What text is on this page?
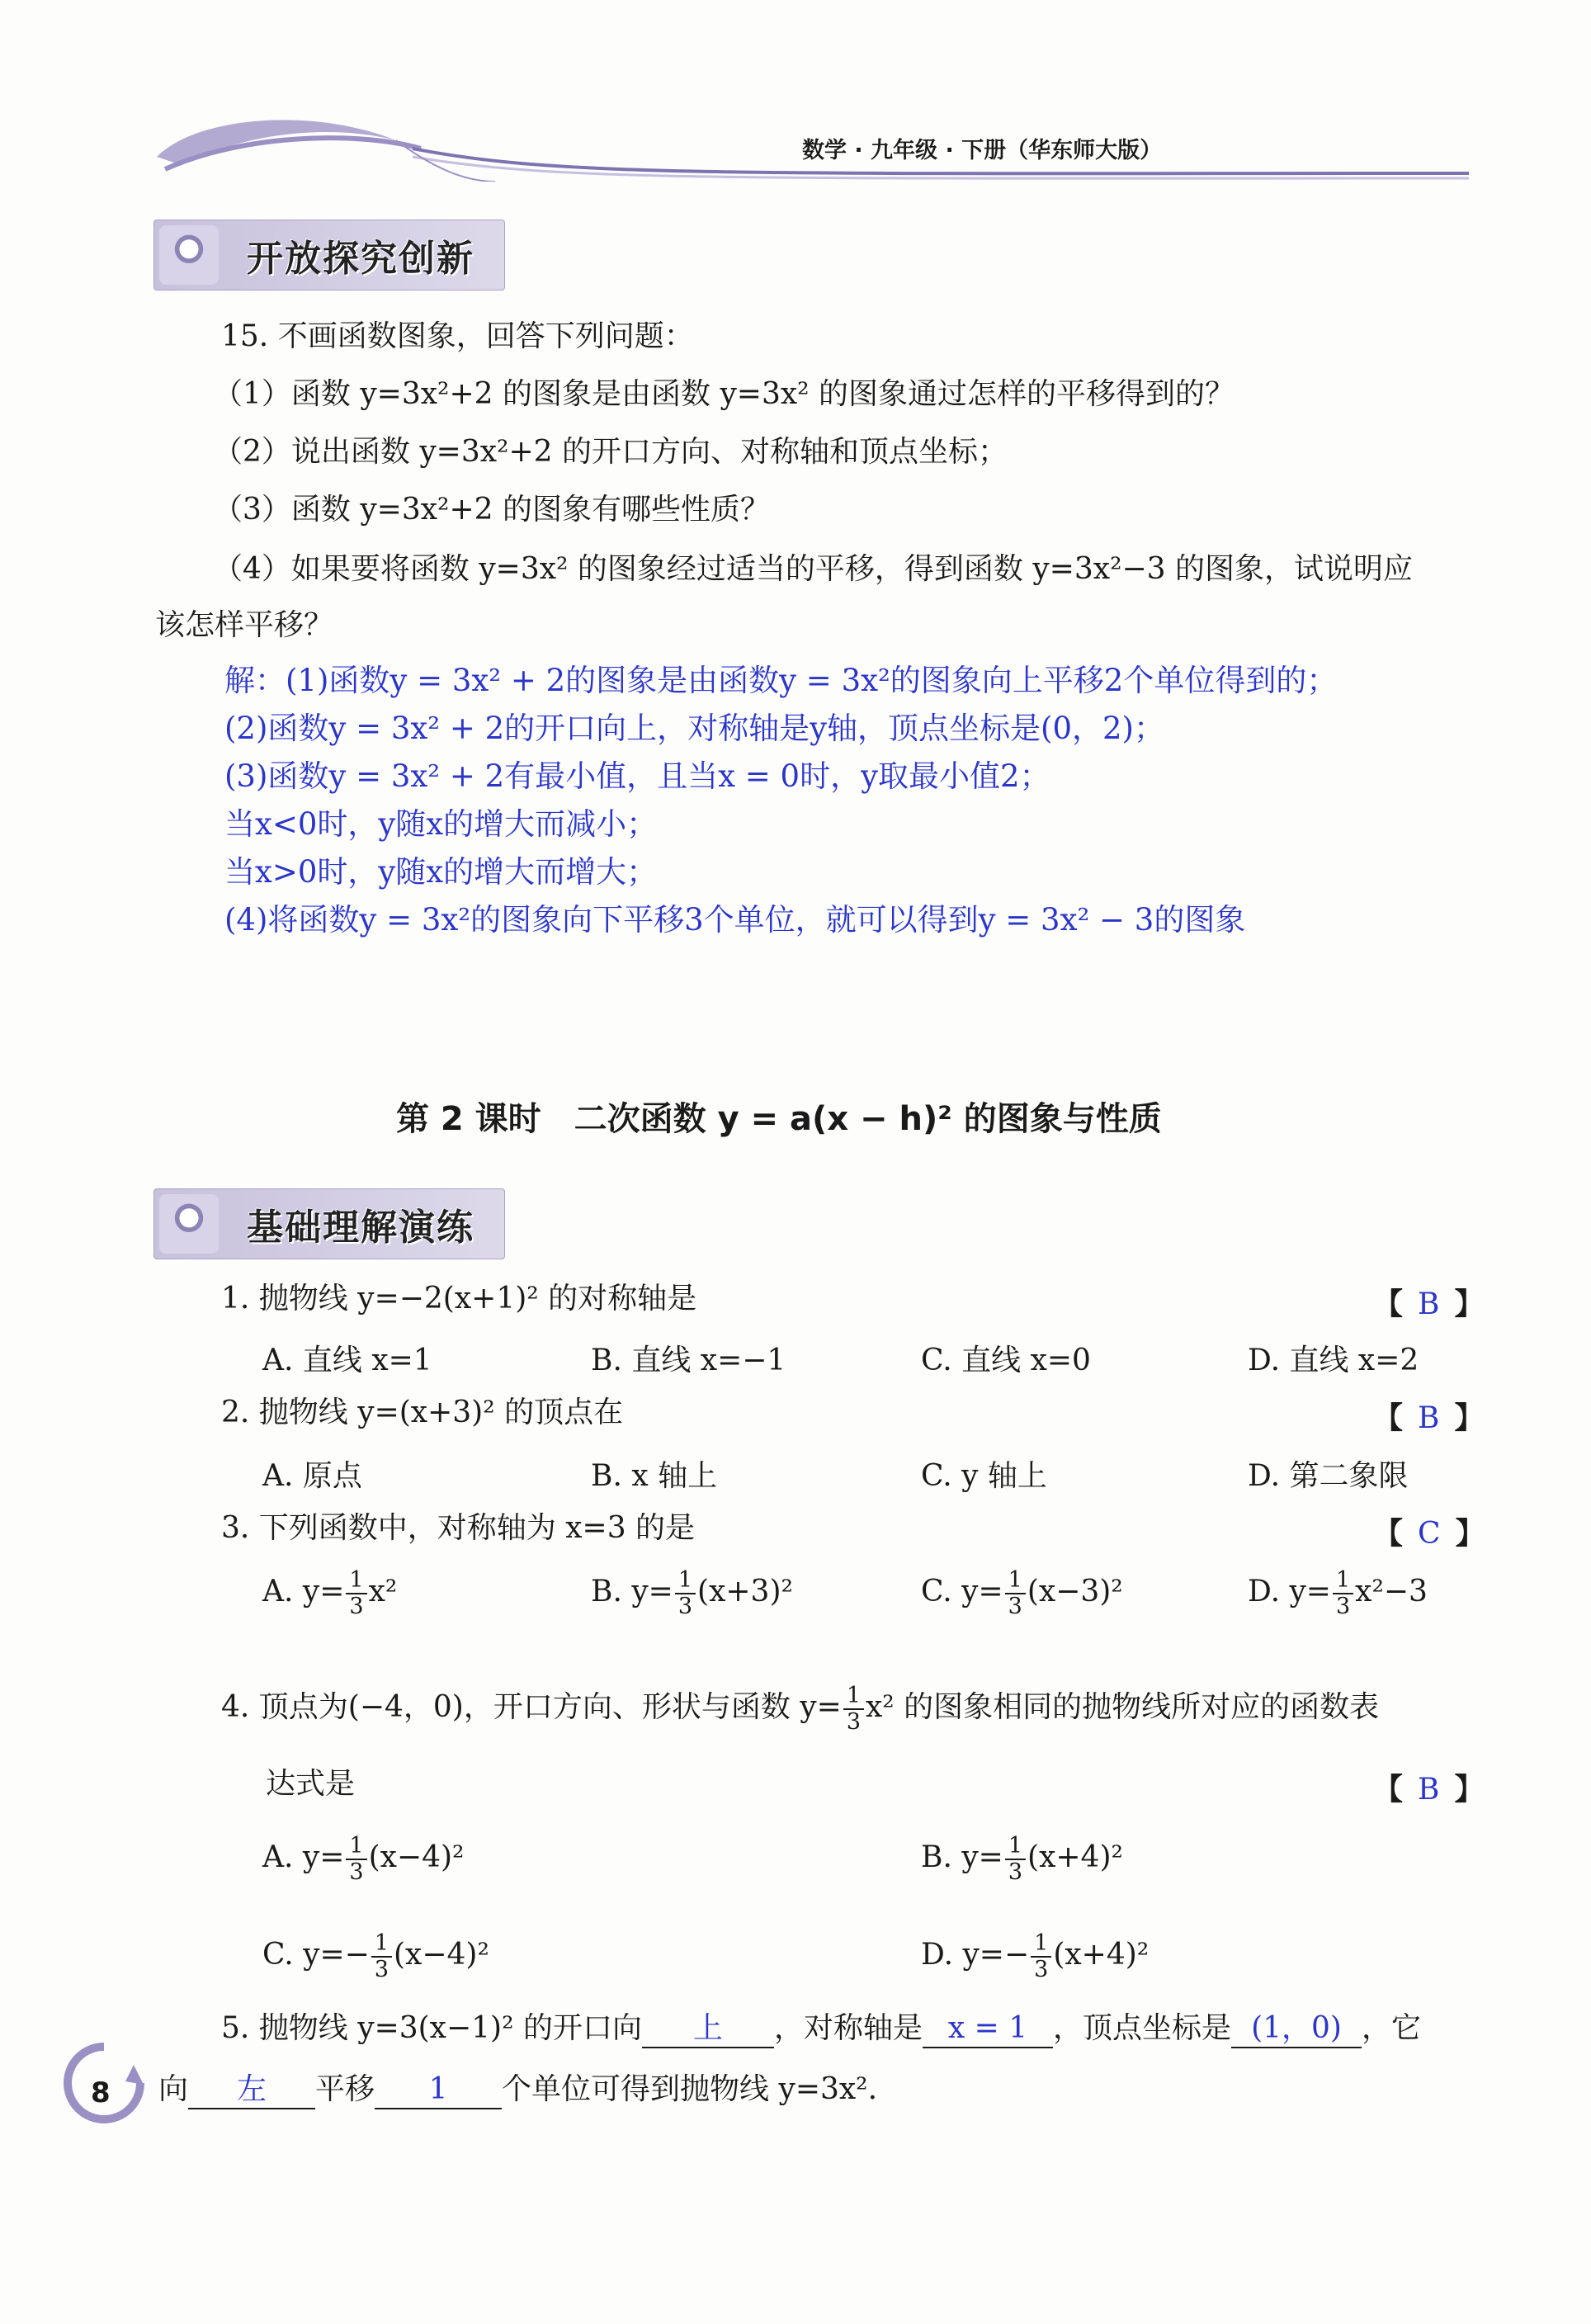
数学 · 九年级 · 下册（华东师大版）
开放探究创新
15. 不画函数图象，回答下列问题：
（1）函数 y=3x²+2 的图象是由函数 y=3x² 的图象通过怎样的平移得到的？
（2）说出函数 y=3x²+2 的开口方向、对称轴和顶点坐标；
（3）函数 y=3x²+2 的图象有哪些性质？
（4）如果要将函数 y=3x² 的图象经过适当的平移，得到函数 y=3x²−3 的图象，试说明应
该怎样平移？
解：(1)函数y = 3x² + 2的图象是由函数y = 3x²的图象向上平移2个单位得到的；
(2)函数y = 3x² + 2的开口向上，对称轴是y轴，顶点坐标是(0，2)；
(3)函数y = 3x² + 2有最小值，且当x = 0时，y取最小值2；
当x<0时，y随x的增大而减小；
当x>0时，y随x的增大而增大；
(4)将函数y = 3x²的图象向下平移3个单位，就可以得到y = 3x² − 3的图象
第 2 课时　二次函数 y = a(x − h)² 的图象与性质
基础理解演练
1. 抛物线 y=−2(x+1)² 的对称轴是	【 B 】
A. 直线 x=1	B. 直线 x=−1	C. 直线 x=0	D. 直线 x=2
2. 抛物线 y=(x+3)² 的顶点在	【 B 】
A. 原点	B. x 轴上	C. y 轴上	D. 第二象限
3. 下列函数中，对称轴为 x=3 的是	【 C 】
A. $y= \frac{1}{3} x^2$	B. $y= \frac{1}{3} (x+3)^2$	C. $y= \frac{1}{3} (x-3)^2$	D. $y= \frac{1}{3} x^2-3$
4. 顶点为(−4，0)，开口方向、形状与函数 $y= \frac{1}{3} x^2$ 的图象相同的抛物线所对应的函数表
达式是	【 B 】
A. $y= \frac{1}{3} (x-4)^2$	B. $y= \frac{1}{3} (x+4)^2$
C. $y=- \frac{1}{3} (x-4)^2$	D. $y=- \frac{1}{3} (x+4)^2$
5. 抛物线 y=3(x−1)² 的开口向 上 ，对称轴是 x = 1 ，顶点坐标是 (1，0) ，它
向 左 平移 1 个单位可得到抛物线 y=3x².
8
